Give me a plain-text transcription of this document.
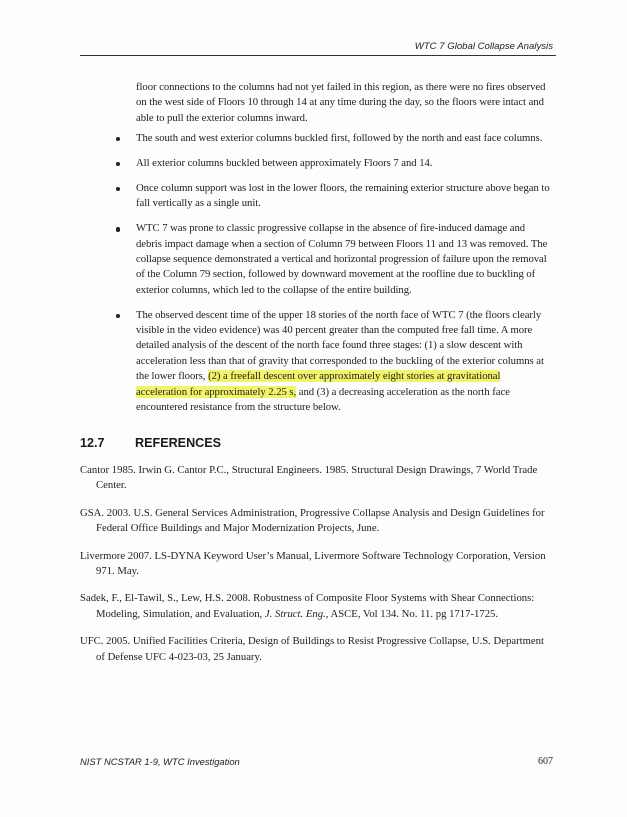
WTC 7 Global Collapse Analysis

floor connections to the columns had not yet failed in this region, as there were no fires observed on the west side of Floors 10 through 14 at any time during the day, so the floors were intact and able to pull the exterior columns inward.

The south and west exterior columns buckled first, followed by the north and east face columns.

All exterior columns buckled between approximately Floors 7 and 14.

Once column support was lost in the lower floors, the remaining exterior structure above began to fall vertically as a single unit.

WTC 7 was prone to classic progressive collapse in the absence of fire-induced damage and debris impact damage when a section of Column 79 between Floors 11 and 13 was removed. The collapse sequence demonstrated a vertical and horizontal progression of failure upon the removal of the Column 79 section, followed by downward movement at the roofline due to buckling of exterior columns, which led to the collapse of the entire building.

The observed descent time of the upper 18 stories of the north face of WTC 7 (the floors clearly visible in the video evidence) was 40 percent greater than the computed free fall time. A more detailed analysis of the descent of the north face found three stages: (1) a slow descent with acceleration less than that of gravity that corresponded to the buckling of the exterior columns at the lower floors, (2) a freefall descent over approximately eight stories at gravitational acceleration for approximately 2.25 s, and (3) a decreasing acceleration as the north face encountered resistance from the structure below.

12.7 REFERENCES
Cantor 1985. Irwin G. Cantor P.C., Structural Engineers. 1985. Structural Design Drawings, 7 World Trade Center.
GSA. 2003. U.S. General Services Administration, Progressive Collapse Analysis and Design Guidelines for Federal Office Buildings and Major Modernization Projects, June.
Livermore 2007. LS-DYNA Keyword User’s Manual, Livermore Software Technology Corporation, Version 971. May.
Sadek, F., El-Tawil, S., Lew, H.S. 2008. Robustness of Composite Floor Systems with Shear Connections: Modeling, Simulation, and Evaluation, J. Struct. Eng., ASCE, Vol 134. No. 11. pg 1717-1725.
UFC. 2005. Unified Facilities Criteria, Design of Buildings to Resist Progressive Collapse, U.S. Department of Defense UFC 4-023-03, 25 January.
NIST NCSTAR 1-9, WTC Investigation	607
